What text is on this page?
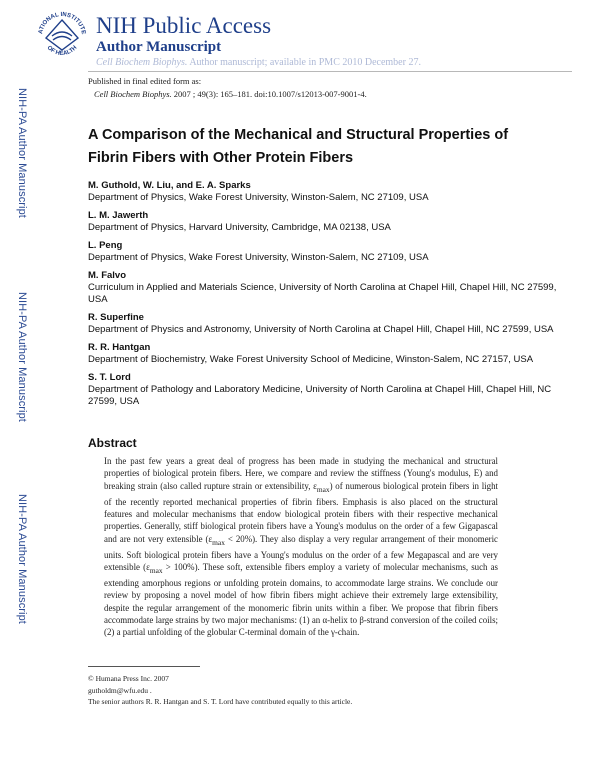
ATIONAL INSTITUTE
OF HEALTH
NIH Public Access
Author Manuscript
Cell Biochem Biophys. Author manuscript; available in PMC 2010 December 27.
NIH-PA Author Manuscript
NIH-PA Author Manuscript
NIH-PA Author Manuscript
Published in final edited form as:
Cell Biochem Biophys. 2007 ; 49(3): 165–181. doi:10.1007/s12013-007-9001-4.
A Comparison of the Mechanical and Structural Properties of
Fibrin Fibers with Other Protein Fibers
M. Guthold, W. Liu, and E. A. Sparks
Department of Physics, Wake Forest University, Winston-Salem, NC 27109, USA
L. M. Jawerth
Department of Physics, Harvard University, Cambridge, MA 02138, USA
L. Peng
Department of Physics, Wake Forest University, Winston-Salem, NC 27109, USA
M. Falvo
Curriculum in Applied and Materials Science, University of North Carolina at Chapel Hill, Chapel Hill, NC 27599, USA
R. Superfine
Department of Physics and Astronomy, University of North Carolina at Chapel Hill, Chapel Hill, NC 27599, USA
R. R. Hantgan
Department of Biochemistry, Wake Forest University School of Medicine, Winston-Salem, NC 27157, USA
S. T. Lord
Department of Pathology and Laboratory Medicine, University of North Carolina at Chapel Hill, Chapel Hill, NC 27599, USA
Abstract

In the past few years a great deal of progress has been made in studying the mechanical and structural properties of biological protein fibers. Here, we compare and review the stiffness (Young's modulus, E) and breaking strain (also called rupture strain or extensibility, $\varepsilon_{max}$) of numerous biological protein fibers in light of the recently reported mechanical properties of fibrin fibers. Emphasis is also placed on the structural features and molecular mechanisms that endow biological protein fibers with their respective mechanical properties. Generally, stiff biological protein fibers have a Young's modulus on the order of a few Gigapascal and are not very extensible $(\varepsilon_{max} < 20\%)$. They also display a very regular arrangement of their monomeric units. Soft biological protein fibers have a Young's modulus on the order of a few Megapascal and are very extensible $(\varepsilon_{max} > 100\%)$. These soft, extensible fibers employ a variety of molecular mechanisms, such as extending amorphous regions or unfolding protein domains, to accommodate large strains. We conclude our review by proposing a novel model of how fibrin fibers might achieve their extremely large extensibility, despite the regular arrangement of the monomeric fibrin units within a fiber. We propose that fibrin fibers accommodate large strains by two major mechanisms: (1) an α-helix to β-strand conversion of the coiled coils; (2) a partial unfolding of the globular C-terminal domain of the γ-chain.

© Humana Press Inc. 2007
gutholdm@wfu.edu .
The senior authors R. R. Hantgan and S. T. Lord have contributed equally to this article.
